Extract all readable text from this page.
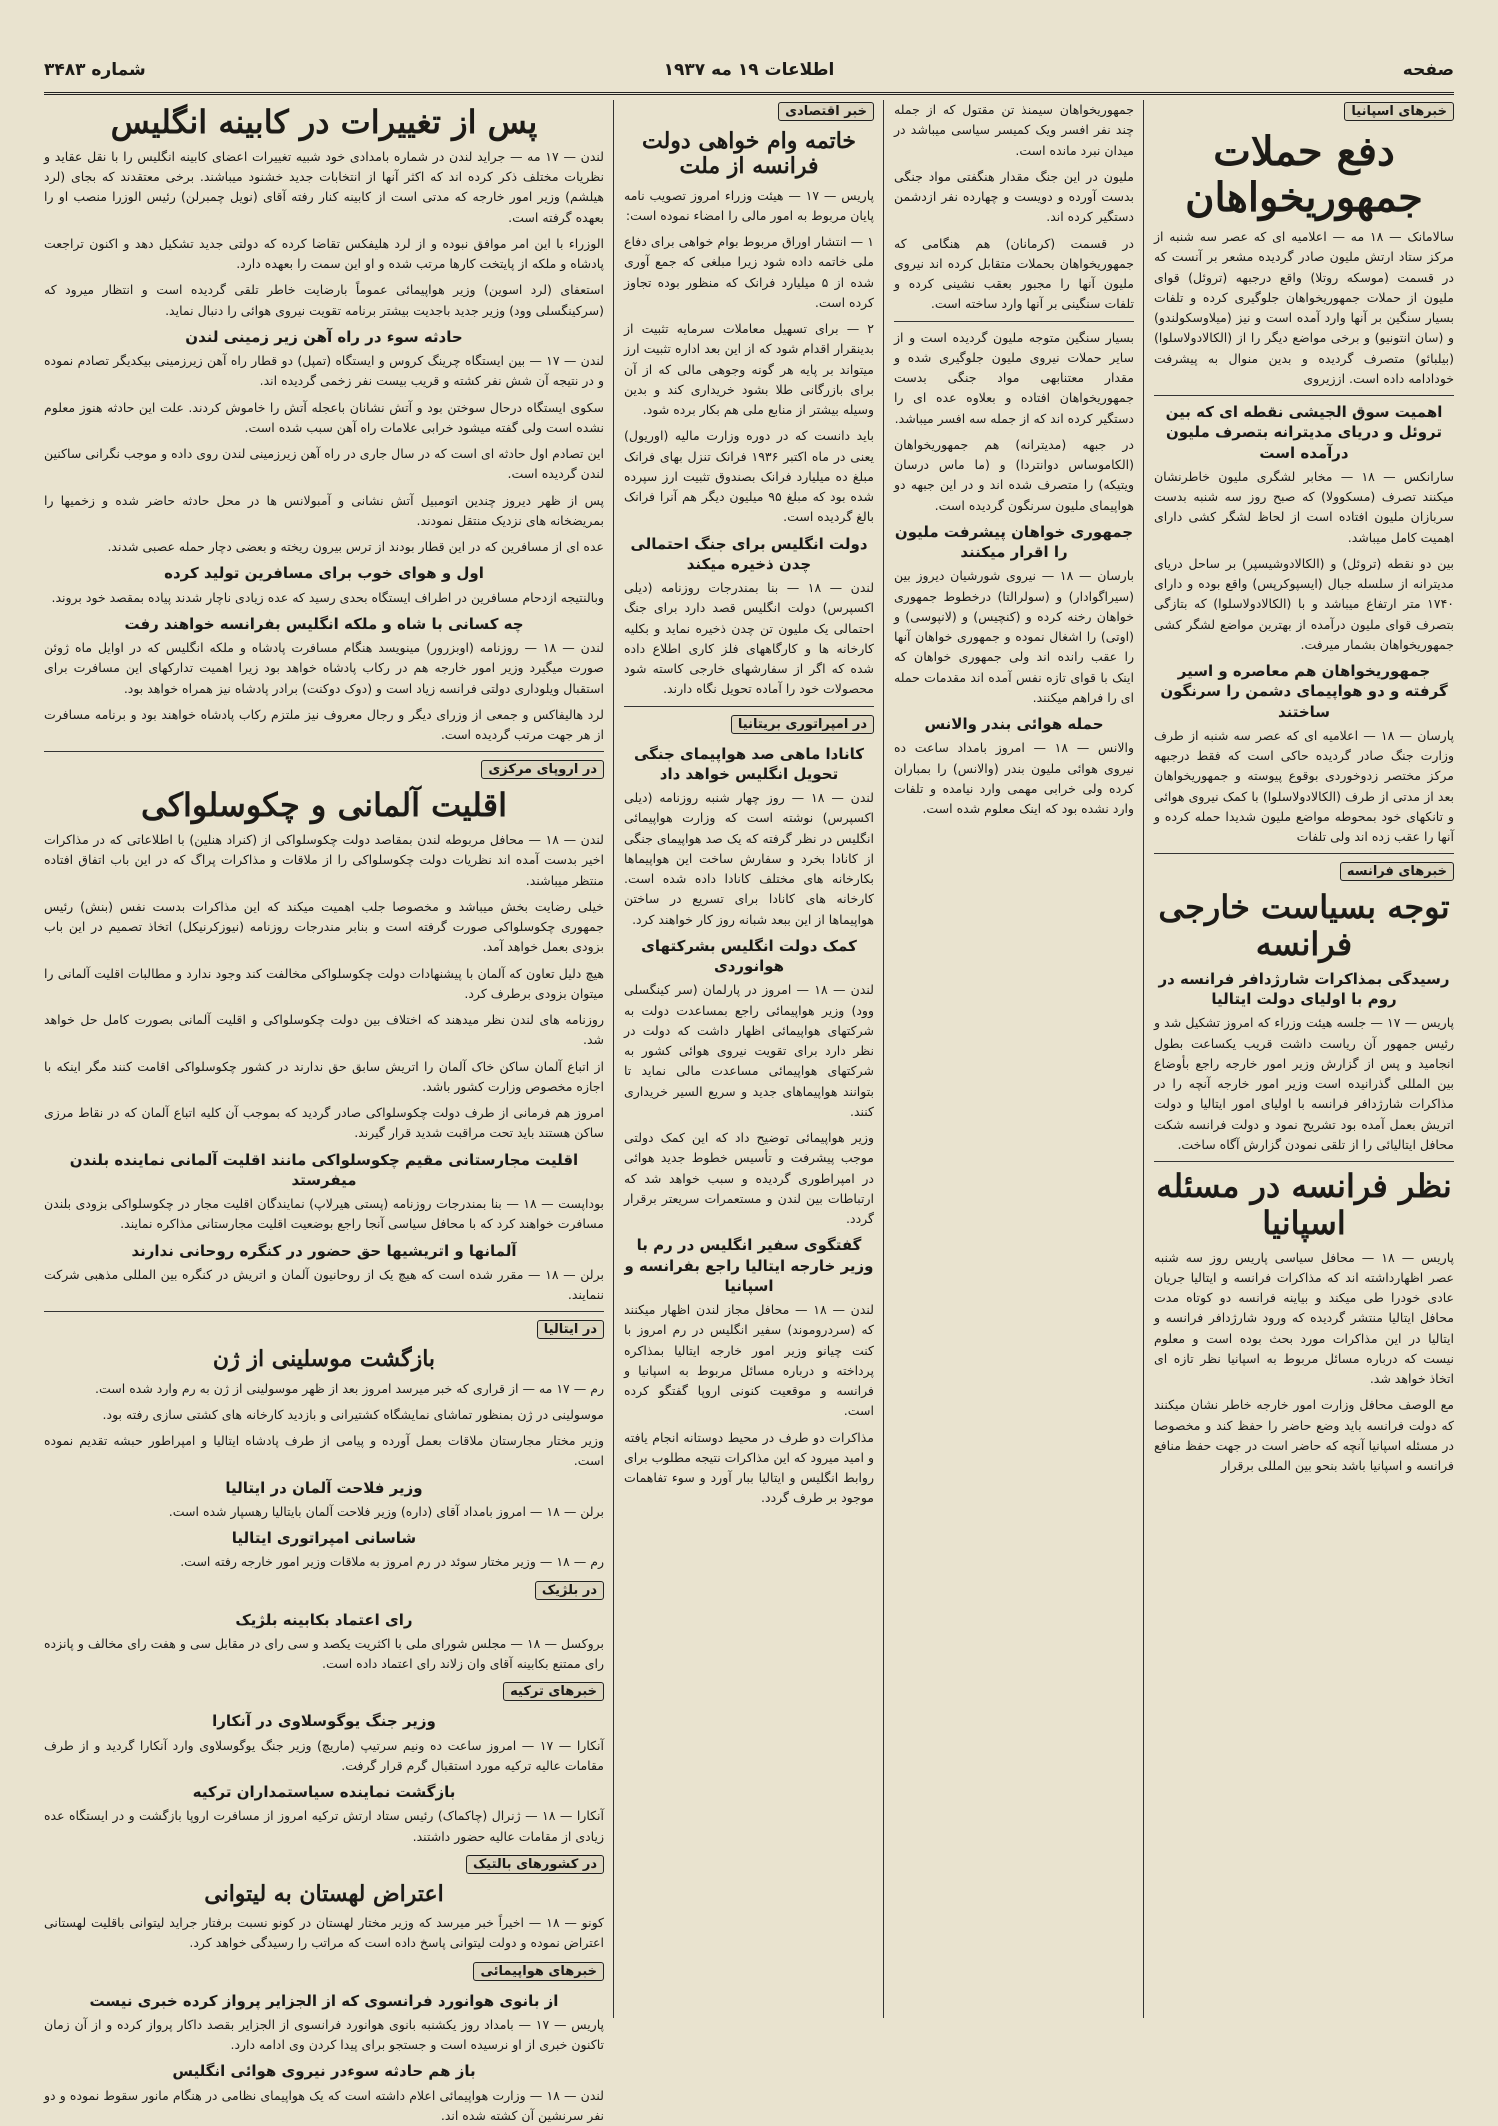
صفحه
اطلاعات ۱۹ مه ۱۹۳۷
شماره ۳۴۸۳
خبرهای اسپانیا
دفع حملات جمهوریخواهان

سالامانک — ۱۸ مه — اعلامیه ای که عصر سه شنبه از مرکز ستاد ارتش ملیون صادر گردیده مشعر بر آنست که در قسمت (موسکه روتلا) واقع درجبهه (تروئل) قوای ملیون از حملات جمهوریخواهان جلوگیری کرده و تلفات بسیار سنگین بر آنها وارد آمده است و نیز (میلاوسکولندو) و (سان انتونیو) و برخی مواضع دیگر را از (الکالادولاسلوا) (بیلبائو) متصرف گردیده و بدین منوال به پیشرفت خودادامه داده است. اززیروی

اهمیت سوق الجیشی نقطه ای که بین تروئل و دریای مدیترانه بتصرف ملیون درآمده است

سارانکس — ۱۸ — مخابر لشگری ملیون خاطرنشان میکنند تصرف (مسکوولا) که صبح روز سه شنبه بدست سربازان ملیون افتاده است از لحاظ لشگر کشی دارای اهمیت کامل میباشد.

بین دو نقطه (تروئل) و (الکالادوشیسپر) بر ساحل دریای مدیترانه از سلسله جبال (ایسپوکرپس) واقع بوده و دارای ۱۷۴۰ متر ارتفاع میباشد و با (الکالادولاسلوا) که بتازگی بتصرف قوای ملیون درآمده از بهترین مواضع لشگر کشی جمهوریخواهان بشمار میرفت.

جمهوریخواهان هم معاصره و اسیر گرفته و دو هواپیمای دشمن را سرنگون ساختند

پارسان — ۱۸ — اعلامیه ای که عصر سه شنبه از طرف وزارت جنگ صادر گردیده حاکی است که فقط درجبهه مرکز مختصر زدوخوردی بوقوع پیوسته و جمهوریخواهان بعد از مدتی از طرف (الکالادولاسلوا) با کمک نیروی هوائی و تانکهای خود بمحوطه مواضع ملیون شدیدا حمله کرده و آنها را عقب زده اند ولی تلفات

خبرهای فرانسه
توجه بسیاست خارجی فرانسه
رسیدگی بمذاکرات شارژدافر فرانسه در روم با اولیای دولت ایتالیا

پاریس — ۱۷ — جلسه هیئت وزراء که امروز تشکیل شد و رئیس جمهور آن ریاست داشت قریب یکساعت بطول انجامید و پس از گزارش وزیر امور خارجه راجع بأوضاع بین المللی گذرانیده است وزیر امور خارجه آنچه را در مذاکرات شارژدافر فرانسه با اولیای امور ایتالیا و دولت اتریش بعمل آمده بود تشریح نمود و دولت فرانسه شکت محافل ایتالیائی را از تلقی نمودن گزارش آگاه ساخت.

نظر فرانسه در مسئله اسپانیا

پاریس — ۱۸ — محافل سیاسی پاریس روز سه شنبه عصر اظهارداشته اند که مذاکرات فرانسه و ایتالیا جریان عادی خودرا طی میکند و بیاینه فرانسه دو کوتاه مدت محافل ایتالیا منتشر گردیده که ورود شارژدافر فرانسه و ایتالیا در این مذاکرات مورد بحث بوده است و معلوم نیست که درباره مسائل مربوط به اسپانیا نظر تازه ای اتخاذ خواهد شد.

مع الوصف محافل وزارت امور خارجه خاطر نشان میکنند که دولت فرانسه باید وضع حاضر را حفظ کند و مخصوصا در مسئله اسپانیا آنچه که حاضر است در جهت حفظ منافع فرانسه و اسپانیا باشد بنحو بین المللی برقرار

جمهوریخواهان سیمنذ تن مقتول که از جمله چند نفر افسر ویک کمیسر سیاسی میباشد در میدان نبرد مانده است.

ملیون در این جنگ مقدار هنگفتی مواد جنگی بدست آورده و دویست و چهارده نفر ازدشمن دستگیر کرده اند.

در قسمت (کرمانان) هم هنگامی که جمهوریخواهان بحملات متقابل کرده اند نیروی ملیون آنها را مجبور بعقب نشینی کرده و تلفات سنگینی بر آنها وارد ساخته است.

بسیار سنگین متوجه ملیون گردیده است و از سایر حملات نیروی ملیون جلوگیری شده و مقدار معتنابهی مواد جنگی بدست جمهوریخواهان افتاده و بعلاوه عده ای را دستگیر کرده اند که از جمله سه افسر میباشد.

در جبهه (مدیترانه) هم جمهوریخواهان (الکاموساس دوانتردا) و (ما ماس درسان ویتیکه) را متصرف شده اند و در این جبهه دو هواپیمای ملیون سرنگون گردیده است.

جمهوری خواهان پیشرفت ملیون را اقرار میکنند

بارسان — ۱۸ — نیروی شورشیان دیروز بین (سیراگوادار) و (سولرالتا) درخطوط جمهوری خواهان رخنه کرده و (کنچیس) و (لانپوسی) و (اوتی) را اشغال نموده و جمهوری خواهان آنها را عقب رانده اند ولی جمهوری خواهان که اینک با قوای تازه نفس آمده اند مقدمات حمله ای را فراهم میکنند.

حمله هوائی بندر والانس

والانس — ۱۸ — امروز بامداد ساعت ده نیروی هوائی ملیون بندر (والانس) را بمباران کرده ولی خرابی مهمی وارد نیامده و تلفات وارد نشده بود که اینک معلوم شده است.

خبر اقتصادی
خاتمه وام خواهی دولت فرانسه از ملت

پاریس — ۱۷ — هیئت وزراء امروز تصویب نامه پایان مربوط به امور مالی را امضاء نموده است:

۱ — انتشار اوراق مربوط بوام خواهی برای دفاع ملی خاتمه داده شود زیرا مبلغی که جمع آوری شده از ۵ میلیارد فرانک که منظور بوده تجاوز کرده است.

۲ — برای تسهیل معاملات سرمایه تثبیت از بدینقرار اقدام شود که از این بعد اداره تثبیت ارز میتواند بر پایه هر گونه وجوهی مالی که از آن برای بازرگانی طلا بشود خریداری کند و بدین وسیله بیشتر از منابع ملی هم بکار برده شود.

باید دانست که در دوره وزارت مالیه (اوریول) یعنی در ماه اکتبر ۱۹۳۶ فرانک تنزل بهای فرانک مبلغ ده میلیارد فرانک بصندوق تثبیت ارز سپرده شده بود که مبلغ ۹۵ میلیون دیگر هم آنرا فرانک بالغ گردیده است.

دولت انگلیس برای جنگ احتمالی چدن ذخیره میکند

لندن — ۱۸ — بنا بمندرجات روزنامه (دیلی اکسپرس) دولت انگلیس قصد دارد برای جنگ احتمالی یک ملیون تن چدن ذخیره نماید و بکلیه کارخانه ها و کارگاههای فلز کاری اطلاع داده شده که اگر از سفارشهای خارجی کاسته شود محصولات خود را آماده تحویل نگاه دارند.

در امپراتوری بریتانیا
کانادا ماهی صد هواپیمای جنگی تحویل انگلیس خواهد داد

لندن — ۱۸ — روز چهار شنبه روزنامه (دیلی اکسپرس) نوشته است که وزارت هواپیمائی انگلیس در نظر گرفته که یک صد هواپیمای جنگی از کانادا بخرد و سفارش ساخت این هواپیماها بکارخانه های مختلف کانادا داده شده است. کارخانه های کانادا برای تسریع در ساختن هواپیماها از این ببعد شبانه روز کار خواهند کرد.

کمک دولت انگلیس بشرکتهای هوانوردی

لندن — ۱۸ — امروز در پارلمان (سر کینگسلی وود) وزیر هواپیمائی راجع بمساعدت دولت به شرکتهای هواپیمائی اظهار داشت که دولت در نظر دارد برای تقویت نیروی هوائی کشور به شرکتهای هواپیمائی مساعدت مالی نماید تا بتوانند هواپیماهای جدید و سریع السیر خریداری کنند.

وزیر هواپیمائی توضیح داد که این کمک دولتی موجب پیشرفت و تأسیس خطوط جدید هوائی در امپراطوری گردیده و سبب خواهد شد که ارتباطات بین لندن و مستعمرات سریعتر برقرار گردد.

گفتگوی سفیر انگلیس در رم با وزیر خارجه ایتالیا راجع بفرانسه و اسپانیا

لندن — ۱۸ — محافل مجاز لندن اظهار میکنند که (سردروموند) سفیر انگلیس در رم امروز با کنت چیانو وزیر امور خارجه ایتالیا بمذاکره پرداخته و درباره مسائل مربوط به اسپانیا و فرانسه و موقعیت کنونی اروپا گفتگو کرده است.

مذاکرات دو طرف در محیط دوستانه انجام یافته و امید میرود که این مذاکرات نتیجه مطلوب برای روابط انگلیس و ایتالیا ببار آورد و سوء تفاهمات موجود بر طرف گردد.

پس از تغییرات در کابینه انگلیس

لندن — ۱۷ مه — جراید لندن در شماره بامدادی خود شبیه تغییرات اعضای کابینه انگلیس را با نقل عقاید و نظریات مختلف ذکر کرده اند که اکثر آنها از انتخابات جدید خشنود میباشند. برخی معتقدند که بجای (لرد هیلشم) وزیر امور خارجه که مدتی است از کابینه کنار رفته آقای (نویل چمبرلن) رئیس الوزرا منصب او را بعهده گرفته است.

الوزراء با این امر موافق نبوده و از لرد هلیفکس تقاضا کرده که دولتی جدید تشکیل دهد و اکنون تراجعت پادشاه و ملکه از پایتخت کارها مرتب شده و او این سمت را بعهده دارد.

استعفای (لرد اسوین) وزیر هواپیمائی عموماً بارضایت خاطر تلقی گردیده است و انتظار میرود که (سرکینگسلی وود) وزیر جدید باجدیت بیشتر برنامه تقویت نیروی هوائی را دنبال نماید.

حادثه سوء در راه آهن زیر زمینی لندن

لندن — ۱۷ — بین ایستگاه چرینگ کروس و ایستگاه (تمپل) دو قطار راه آهن زیرزمینی بیکدیگر تصادم نموده و در نتیجه آن شش نفر کشته و قریب بیست نفر زخمی گردیده اند.

سکوی ایستگاه درحال سوختن بود و آتش نشانان باعجله آتش را خاموش کردند. علت این حادثه هنوز معلوم نشده است ولی گفته میشود خرابی علامات راه آهن سبب شده است.

این تصادم اول حادثه ای است که در سال جاری در راه آهن زیرزمینی لندن روی داده و موجب نگرانی ساکنین لندن گردیده است.

پس از ظهر دیروز چندین اتومبیل آتش نشانی و آمبولانس ها در محل حادثه حاضر شده و زخمیها را بمریضخانه های نزدیک منتقل نمودند.

عده ای از مسافرین که در این قطار بودند از ترس بیرون ریخته و بعضی دچار حمله عصبی شدند.

اول و هوای خوب برای مسافرین تولید کرده

وبالنتیجه ازدحام مسافرین در اطراف ایستگاه بحدی رسید که عده زیادی ناچار شدند پیاده بمقصد خود بروند.

چه کسانی با شاه و ملکه انگلیس بفرانسه خواهند رفت

لندن — ۱۸ — روزنامه (اوبزرور) مینویسد هنگام مسافرت پادشاه و ملکه انگلیس که در اوایل ماه ژوئن صورت میگیرد وزیر امور خارجه هم در رکاب پادشاه خواهد بود زیرا اهمیت تدارکهای این مسافرت برای استقبال ویلوداری دولتی فرانسه زیاد است و (دوک دوکنت) برادر پادشاه نیز همراه خواهد بود.

لرد هالیفاکس و جمعی از وزرای دیگر و رجال معروف نیز ملتزم رکاب پادشاه خواهند بود و برنامه مسافرت از هر جهت مرتب گردیده است.

در اروپای مرکزی
اقلیت آلمانی و چکوسلواکی

لندن — ۱۸ — محافل مربوطه لندن بمقاصد دولت چکوسلواکی از (کنراد هنلین) با اطلاعاتی که در مذاکرات اخیر بدست آمده اند نظریات دولت چکوسلواکی را از ملاقات و مذاکرات پراگ که در این باب اتفاق افتاده منتظر میباشند.

خیلی رضایت بخش میباشد و مخصوصا جلب اهمیت میکند که این مذاکرات بدست نفس (بنش) رئیس جمهوری چکوسلواکی صورت گرفته است و بنابر مندرجات روزنامه (نیوزکرنیکل) اتخاذ تصمیم در این باب بزودی بعمل خواهد آمد.

هیچ دلیل تعاون که آلمان با پیشنهادات دولت چکوسلواکی مخالفت کند وجود ندارد و مطالبات اقلیت آلمانی را میتوان بزودی برطرف کرد.

روزنامه های لندن نظر میدهند که اختلاف بین دولت چکوسلواکی و اقلیت آلمانی بصورت کامل حل خواهد شد.

از اتباع آلمان ساکن خاک آلمان را اتریش سابق حق ندارند در کشور چکوسلواکی اقامت کنند مگر اینکه با اجازه مخصوص وزارت کشور باشد.

امروز هم فرمانی از طرف دولت چکوسلواکی صادر گردید که بموجب آن کلیه اتباع آلمان که در نقاط مرزی ساکن هستند باید تحت مراقبت شدید قرار گیرند.

اقلیت مجارستانی مقیم چکوسلواکی مانند اقلیت آلمانی نماینده بلندن میفرستد

بوداپست — ۱۸ — بنا بمندرجات روزنامه (پستی هیرلاپ) نمایندگان اقلیت مجار در چکوسلواکی بزودی بلندن مسافرت خواهند کرد که با محافل سیاسی آنجا راجع بوضعیت اقلیت مجارستانی مذاکره نمایند.

آلمانها و اتریشیها حق حضور در کنگره روحانی ندارند

برلن — ۱۸ — مقرر شده است که هیچ یک از روحانیون آلمان و اتریش در کنگره بین المللی مذهبی شرکت ننمایند.

در ایتالیا
بازگشت موسلینی از ژن

رم — ۱۷ مه — از قراری که خبر میرسد امروز بعد از ظهر موسولینی از ژن به رم وارد شده است.

موسولینی در ژن بمنظور تماشای نمایشگاه کشتیرانی و بازدید کارخانه های کشتی سازی رفته بود.

وزیر مختار مجارستان ملاقات بعمل آورده و پیامی از طرف پادشاه ایتالیا و امپراطور حبشه تقدیم نموده است.

وزیر فلاحت آلمان در ایتالیا

برلن — ۱۸ — امروز بامداد آقای (داره) وزیر فلاحت آلمان بایتالیا رهسپار شده است.

شاسانی امپراتوری ایتالیا

رم — ۱۸ — وزیر مختار سوئد در رم امروز به ملاقات وزیر امور خارجه رفته است.

در بلژیک
رای اعتماد بکابینه بلژیک

بروکسل — ۱۸ — مجلس شورای ملی با اکثریت یکصد و سی رای در مقابل سی و هفت رای مخالف و پانزده رای ممتنع بکابینه آقای وان زلاند رای اعتماد داده است.

خبرهای ترکیه
وزیر جنگ یوگوسلاوی در آنکارا

آنکارا — ۱۷ — امروز ساعت ده ونیم سرتیپ (ماریچ) وزیر جنگ یوگوسلاوی وارد آنکارا گردید و از طرف مقامات عالیه ترکیه مورد استقبال گرم قرار گرفت.

بازگشت نماینده سیاستمداران ترکیه

آنکارا — ۱۸ — ژنرال (چاکماک) رئیس ستاد ارتش ترکیه امروز از مسافرت اروپا بازگشت و در ایستگاه عده زیادی از مقامات عالیه حضور داشتند.

در کشورهای بالتیک
اعتراض لهستان به لیتوانی

کونو — ۱۸ — اخیراً خبر میرسد که وزیر مختار لهستان در کونو نسبت برفتار جراید لیتوانی باقلیت لهستانی اعتراض نموده و دولت لیتوانی پاسخ داده است که مراتب را رسیدگی خواهد کرد.

خبرهای هواپیمائی
از بانوی هوانورد فرانسوی که از الجزایر پرواز کرده خبری نیست

پاریس — ۱۷ — بامداد روز یکشنبه بانوی هوانورد فرانسوی از الجزایر بقصد داکار پرواز کرده و از آن زمان تاکنون خبری از او نرسیده است و جستجو برای پیدا کردن وی ادامه دارد.

باز هم حادثه سوءدر نیروی هوائی انگلیس

لندن — ۱۸ — وزارت هواپیمائی اعلام داشته است که یک هواپیمای نظامی در هنگام مانور سقوط نموده و دو نفر سرنشین آن کشته شده اند.
